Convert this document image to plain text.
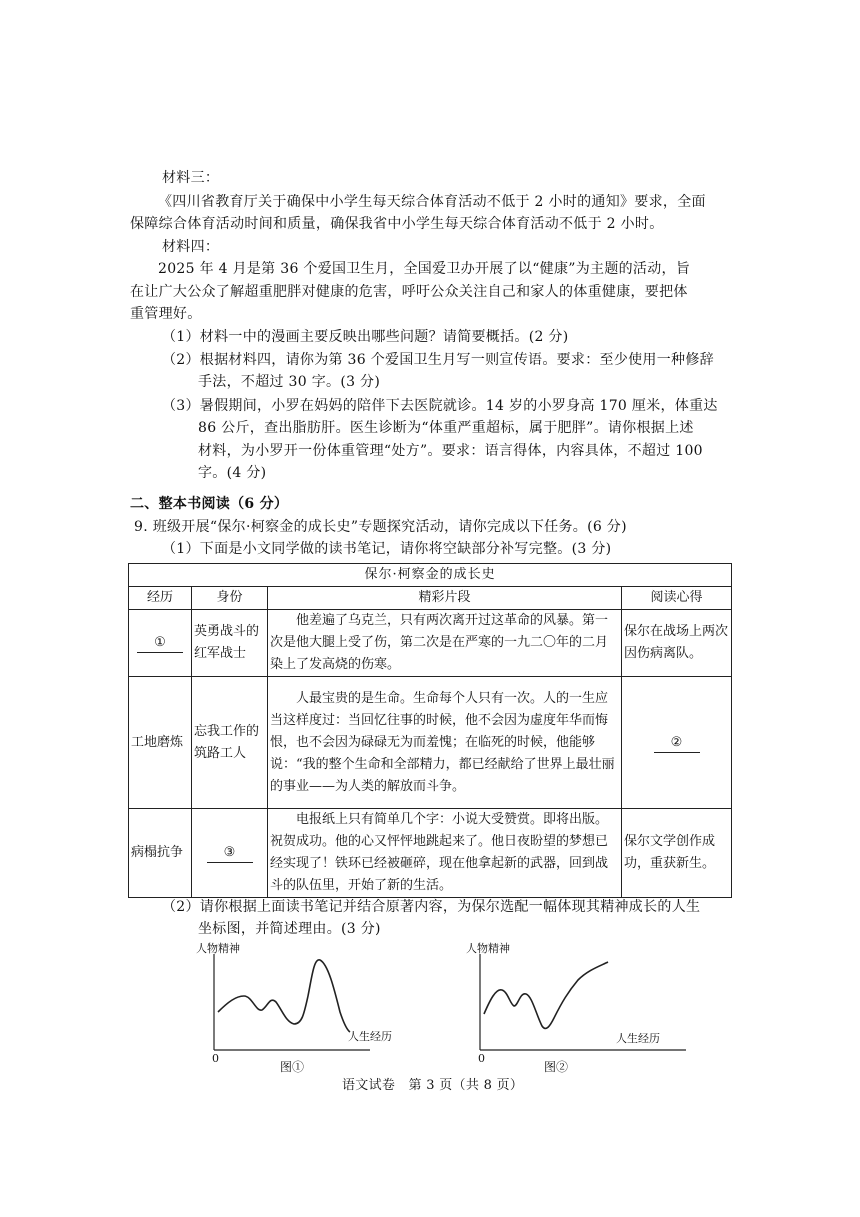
材料三：
《四川省教育厅关于确保中小学生每天综合体育活动不低于 2 小时的通知》要求，全面
保障综合体育活动时间和质量，确保我省中小学生每天综合体育活动不低于 2 小时。
材料四：
2025 年 4 月是第 36 个爱国卫生月，全国爱卫办开展了以“健康”为主题的活动，旨
在让广大公众了解超重肥胖对健康的危害，呼吁公众关注自己和家人的体重健康，要把体
重管理好。
（1）材料一中的漫画主要反映出哪些问题？请简要概括。(2 分)
（2）根据材料四，请你为第 36 个爱国卫生月写一则宣传语。要求：至少使用一种修辞
手法，不超过 30 字。(3 分)
（3）暑假期间，小罗在妈妈的陪伴下去医院就诊。14 岁的小罗身高 170 厘米，体重达
86 公斤，查出脂肪肝。医生诊断为“体重严重超标，属于肥胖”。请你根据上述
材料，为小罗开一份体重管理“处方”。要求：语言得体，内容具体，不超过 100
字。(4 分)
二、整本书阅读（6 分）
9. 班级开展“保尔·柯察金的成长史”专题探究活动，请你完成以下任务。(6 分)
（1）下面是小文同学做的读书笔记，请你将空缺部分补写完整。(3 分)
保尔·柯察金的成长史			
经历	身份	精彩片段	阅读心得
①	英勇战斗的红军战士	他差遍了乌克兰，只有两次离开过这革命的风暴。第一次是他大腿上受了伤，第二次是在严寒的一九二〇年的二月染上了发高烧的伤寒。	保尔在战场上两次因伤病离队。
工地磨炼	忘我工作的筑路工人	人最宝贵的是生命。生命每个人只有一次。人的一生应当这样度过：当回忆往事的时候，他不会因为虚度年华而悔恨，也不会因为碌碌无为而羞愧；在临死的时候，他能够说：“我的整个生命和全部精力，都已经献给了世界上最壮丽的事业——为人类的解放而斗争。	②
病榻抗争	③	电报纸上只有简单几个字：小说大受赞赏。即将出版。祝贺成功。他的心又怦怦地跳起来了。他日夜盼望的梦想已经实现了！铁环已经被砸碎，现在他拿起新的武器，回到战斗的队伍里，开始了新的生活。	保尔文学创作成功，重获新生。
（2）请你根据上面读书笔记并结合原著内容，为保尔选配一幅体现其精神成长的人生
坐标图，并简述理由。(3 分)
人物精神
人生经历
0
图①
人物精神
人生经历
0
图②
语文试卷　第 3 页（共 8 页）
